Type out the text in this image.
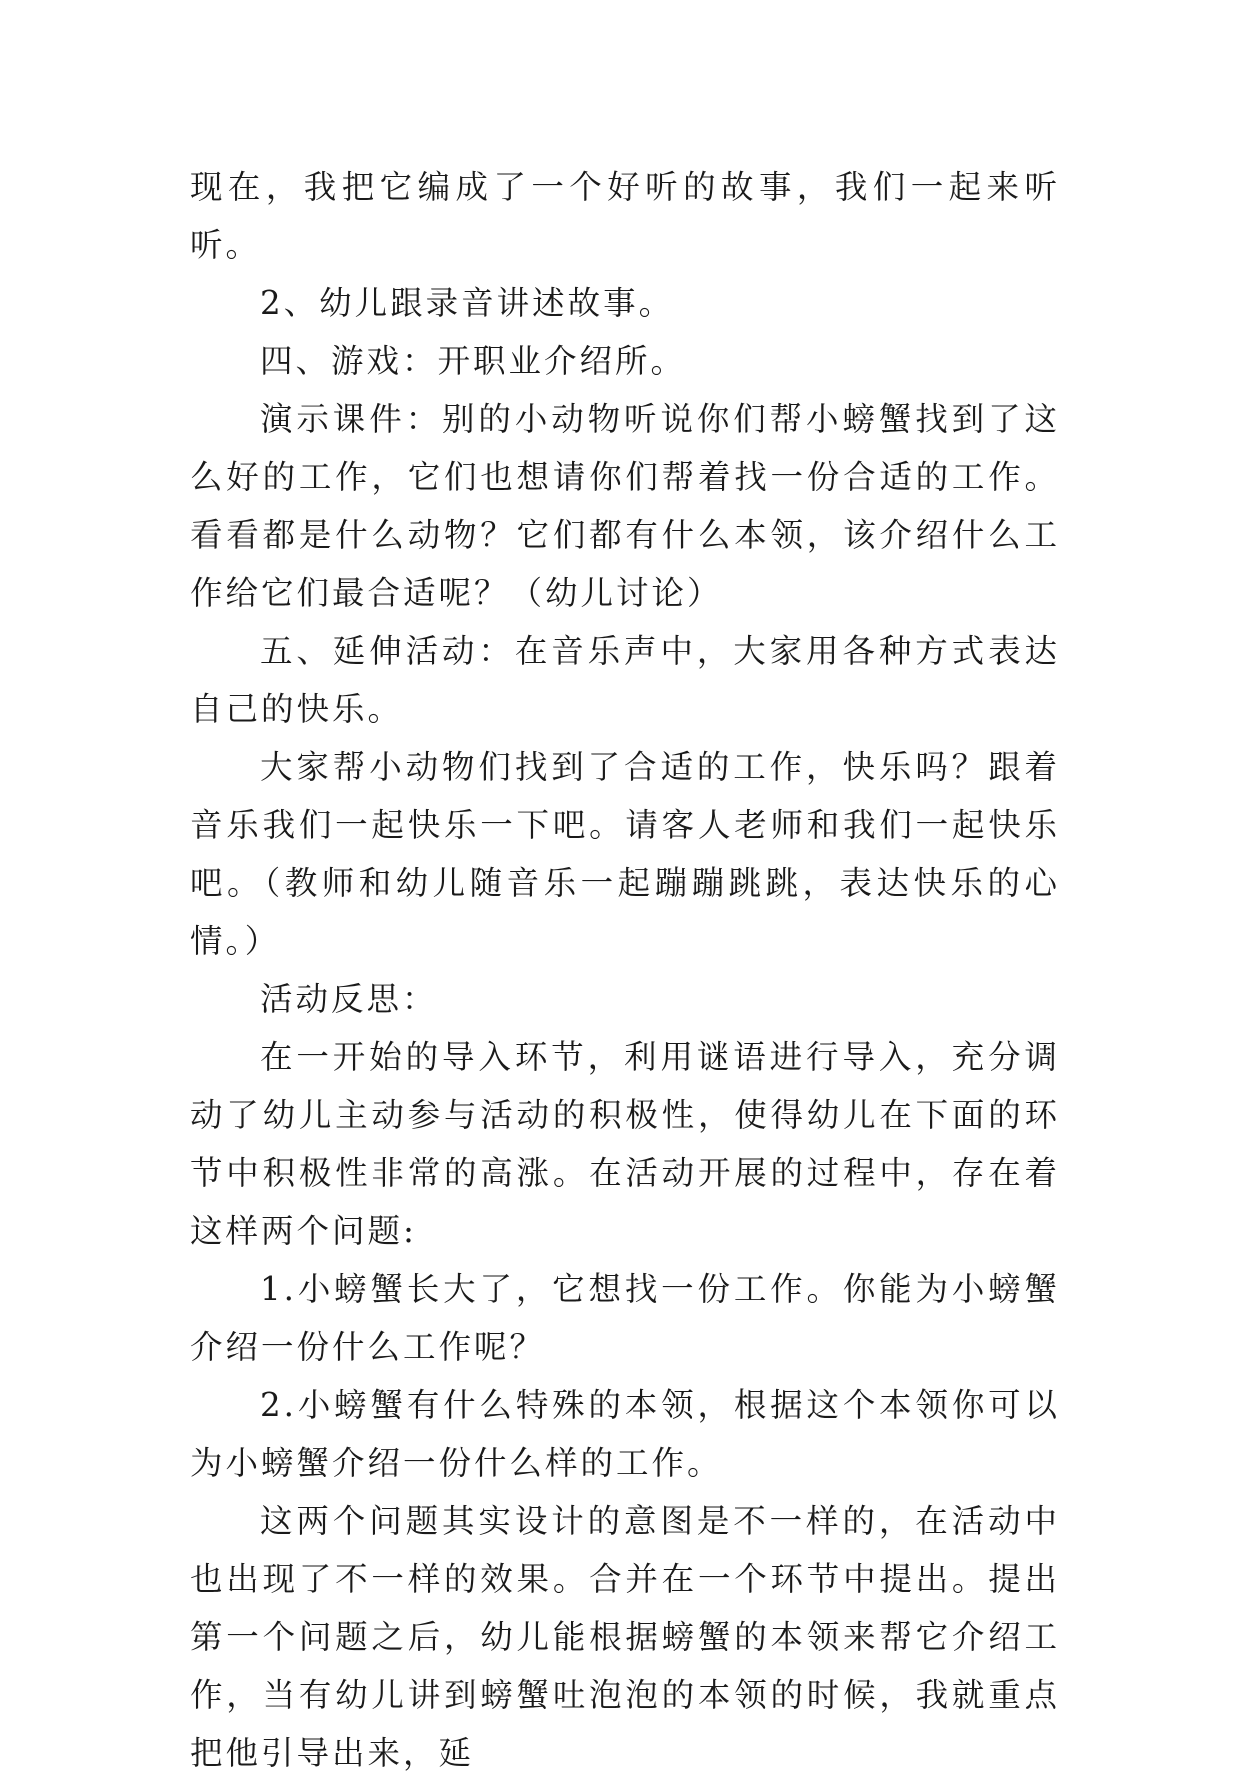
现在，我把它编成了一个好听的故事，我们一起来听听。

2、幼儿跟录音讲述故事。

四、游戏：开职业介绍所。

演示课件：别的小动物听说你们帮小螃蟹找到了这么好的工作，它们也想请你们帮着找一份合适的工作。看看都是什么动物？它们都有什么本领，该介绍什么工作给它们最合适呢？（幼儿讨论）

五、延伸活动：在音乐声中，大家用各种方式表达自己的快乐。

大家帮小动物们找到了合适的工作，快乐吗？跟着音乐我们一起快乐一下吧。请客人老师和我们一起快乐吧。（教师和幼儿随音乐一起蹦蹦跳跳，表达快乐的心情。）

活动反思：

在一开始的导入环节，利用谜语进行导入，充分调动了幼儿主动参与活动的积极性，使得幼儿在下面的环节中积极性非常的高涨。在活动开展的过程中，存在着这样两个问题:

1.小螃蟹长大了，它想找一份工作。你能为小螃蟹介绍一份什么工作呢？

2.小螃蟹有什么特殊的本领，根据这个本领你可以为小螃蟹介绍一份什么样的工作。

这两个问题其实设计的意图是不一样的，在活动中也出现了不一样的效果。合并在一个环节中提出。提出第一个问题之后，幼儿能根据螃蟹的本领来帮它介绍工作，当有幼儿讲到螃蟹吐泡泡的本领的时候，我就重点把他引导出来，延
